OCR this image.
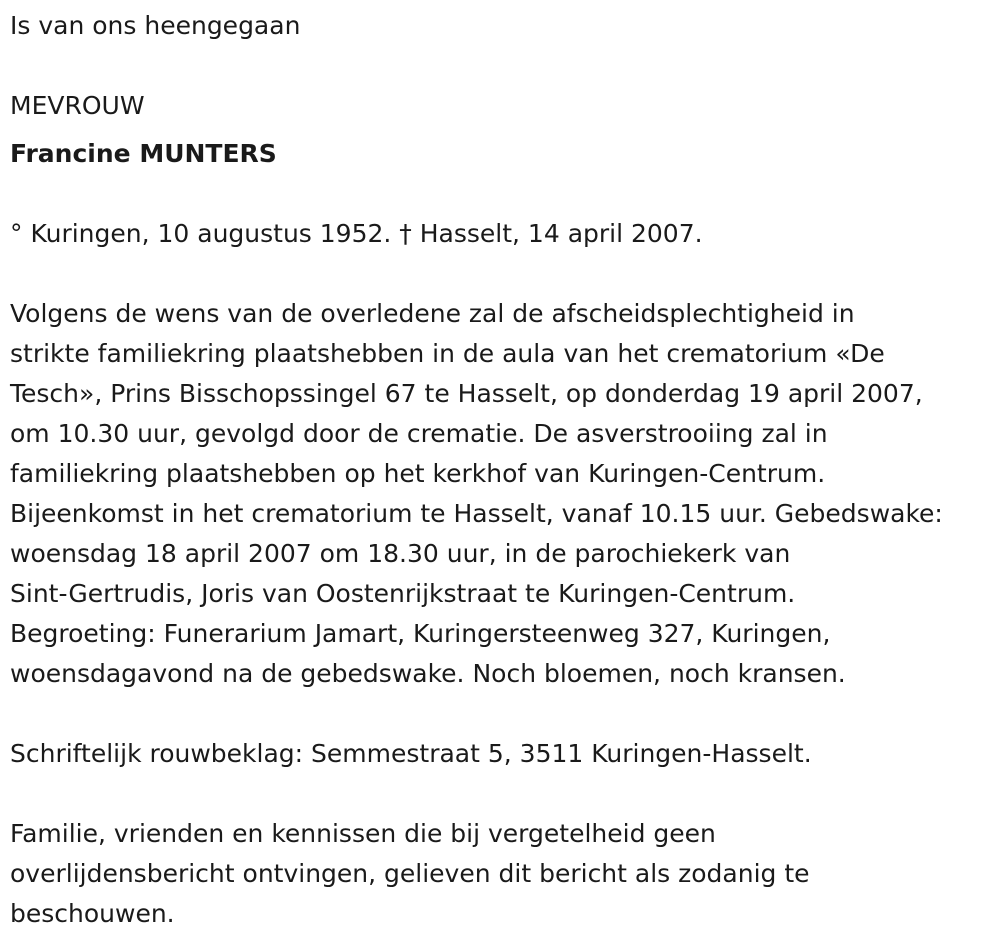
Is van ons heengegaan
MEVROUW
Francine MUNTERS
° Kuringen, 10 augustus 1952. † Hasselt, 14 april 2007.
Volgens de wens van de overledene zal de afscheidsplechtigheid in
strikte familiekring plaatshebben in de aula van het crematorium «De
Tesch», Prins Bisschopssingel 67 te Hasselt, op donderdag 19 april 2007,
om 10.30 uur, gevolgd door de crematie. De asverstrooiing zal in
familiekring plaatshebben op het kerkhof van Kuringen-Centrum.
Bijeenkomst in het crematorium te Hasselt, vanaf 10.15 uur. Gebedswake:
woensdag 18 april 2007 om 18.30 uur, in de parochiekerk van
Sint-Gertrudis, Joris van Oostenrijkstraat te Kuringen-Centrum.
Begroeting: Funerarium Jamart, Kuringersteenweg 327, Kuringen,
woensdagavond na de gebedswake. Noch bloemen, noch kransen.
Schriftelijk rouwbeklag: Semmestraat 5, 3511 Kuringen-Hasselt.
Familie, vrienden en kennissen die bij vergetelheid geen
overlijdensbericht ontvingen, gelieven dit bericht als zodanig te
beschouwen.
